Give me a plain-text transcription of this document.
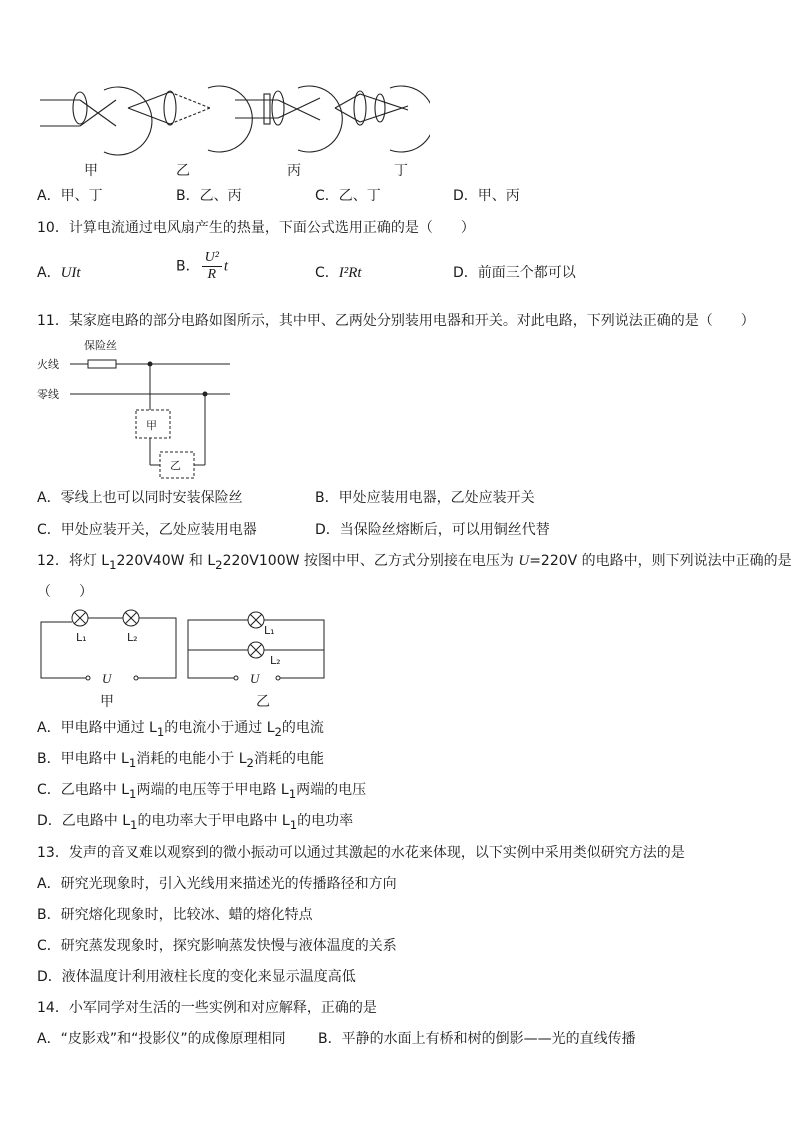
甲	乙	丙	丁
A．甲、丁	B．乙、丙	C．乙、丁	D．甲、丙
10．计算电流通过电风扇产生的热量，下面公式选用正确的是（　　）
A．UIt	B． $\frac{\text{U²}}{R}$ t	C．I²Rt	D．前面三个都可以
11．某家庭电路的部分电路如图所示，其中甲、乙两处分别装用电器和开关。对此电路，下列说法正确的是（　　）
保险丝
火线
零线
甲
乙
A．零线上也可以同时安装保险丝	B．甲处应装用电器，乙处应装开关
C．甲处应装开关，乙处应装用电器	D．当保险丝熔断后，可以用铜丝代替
12．将灯 $L_1220V40W$ 和 $L_2220V100W$ 按图中甲、乙方式分别接在电压为 U=220V 的电路中，则下列说法中正确的是
（　　）
L₁	L₂
U
甲
L₁
L₂
U
乙
A．甲电路中通过 $L_1$的电流小于通过 $L_2$的电流
B．甲电路中 $L_1$消耗的电能小于 $L_2$消耗的电能
C．乙电路中 $L_1$两端的电压等于甲电路 $L_1$两端的电压
D．乙电路中 $L_1$的电功率大于甲电路中 $L_1$的电功率
13．发声的音叉难以观察到的微小振动可以通过其激起的水花来体现，以下实例中采用类似研究方法的是
A．研究光现象时，引入光线用来描述光的传播路径和方向
B．研究熔化现象时，比较冰、蜡的熔化特点
C．研究蒸发现象时，探究影响蒸发快慢与液体温度的关系
D．液体温度计利用液柱长度的变化来显示温度高低
14．小军同学对生活的一些实例和对应解释，正确的是
A．“皮影戏”和“投影仪”的成像原理相同 B．平静的水面上有桥和树的倒影——光的直线传播
